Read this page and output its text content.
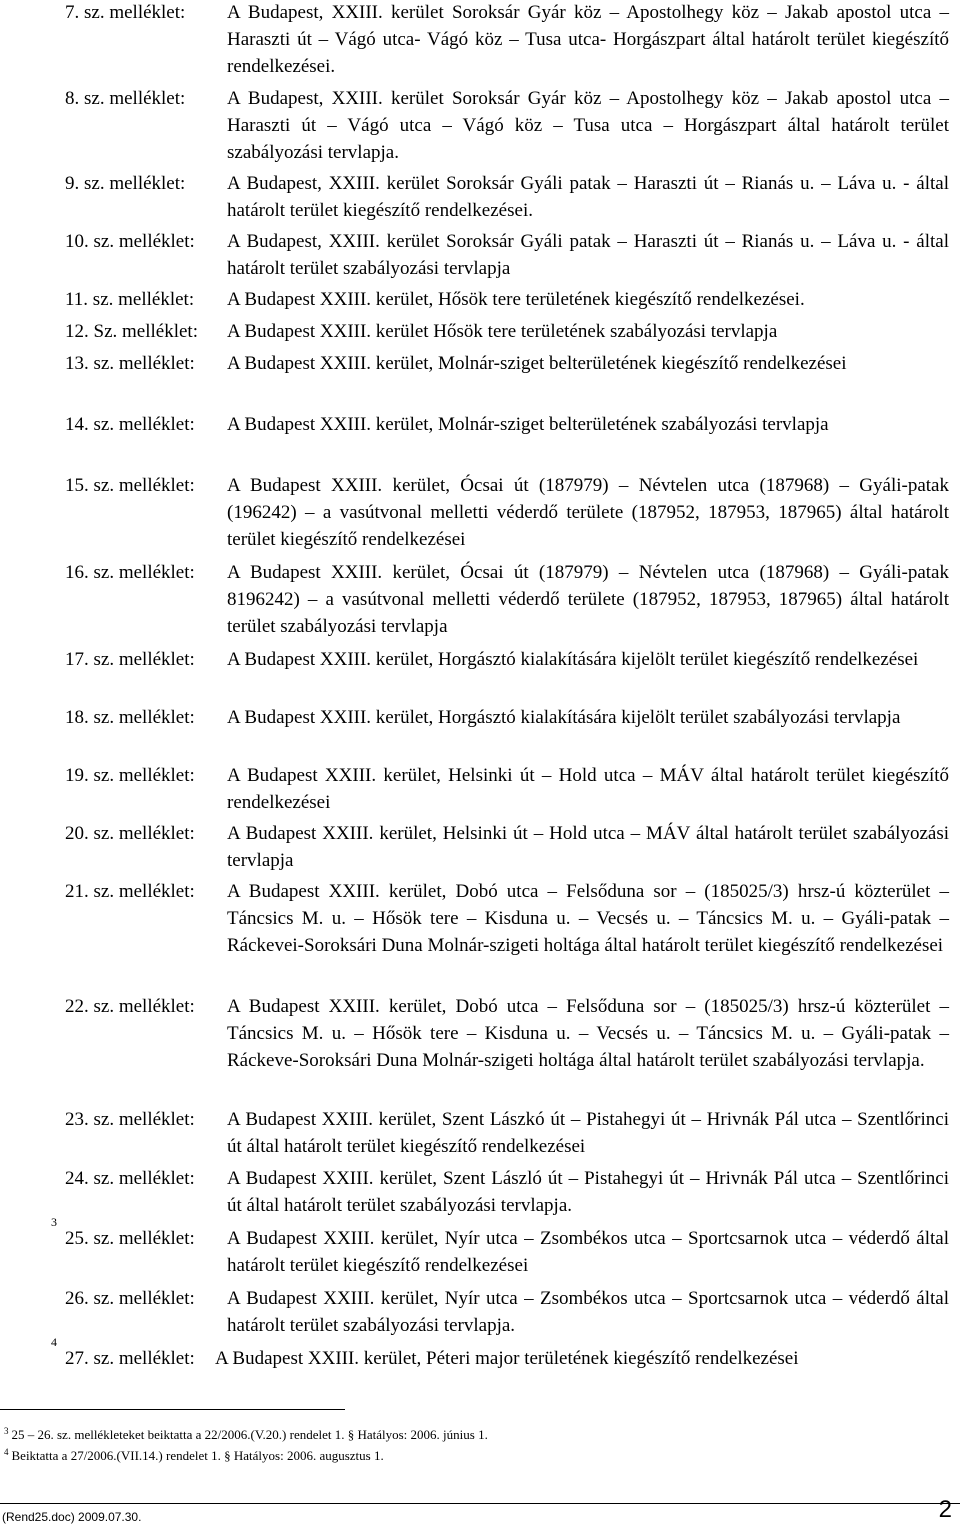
7. sz. melléklet: A Budapest, XXIII. kerület Soroksár Gyár köz – Apostolhegy köz – Jakab apostol utca – Haraszti út – Vágó utca- Vágó köz – Tusa utca- Horgászpart által határolt terület kiegészítő rendelkezései.
8. sz. melléklet: A Budapest, XXIII. kerület Soroksár Gyár köz – Apostolhegy köz – Jakab apostol utca – Haraszti út – Vágó utca – Vágó köz – Tusa utca – Horgászpart által határolt terület szabályozási tervlapja.
9. sz. melléklet: A Budapest, XXIII. kerület Soroksár Gyáli patak – Haraszti út – Rianás u. – Láva u. - által határolt terület kiegészítő rendelkezései.
10. sz. melléklet: A Budapest, XXIII. kerület Soroksár Gyáli patak – Haraszti út – Rianás u. – Láva u. - által határolt terület szabályozási tervlapja
11. sz. melléklet: A Budapest XXIII. kerület, Hősök tere területének kiegészítő rendelkezései.
12. Sz. melléklet: A Budapest XXIII. kerület Hősök tere területének szabályozási tervlapja
13. sz. melléklet: A Budapest XXIII. kerület, Molnár-sziget belterületének kiegészítő rendelkezései
14. sz. melléklet: A Budapest XXIII. kerület, Molnár-sziget belterületének szabályozási tervlapja
15. sz. melléklet: A Budapest XXIII. kerület, Ócsai út (187979) – Névtelen utca (187968) – Gyáli-patak (196242) – a vasútvonal melletti véderdő területe (187952, 187953, 187965) által határolt terület kiegészítő rendelkezései
16. sz. melléklet: A Budapest XXIII. kerület, Ócsai út (187979) – Névtelen utca (187968) – Gyáli-patak 8196242) – a vasútvonal melletti véderdő területe (187952, 187953, 187965) által határolt terület szabályozási tervlapja
17. sz. melléklet: A Budapest XXIII. kerület, Horgásztó kialakítására kijelölt terület kiegészítő rendelkezései
18. sz. melléklet: A Budapest XXIII. kerület, Horgásztó kialakítására kijelölt terület szabályozási tervlapja
19. sz. melléklet: A Budapest XXIII. kerület, Helsinki út – Hold utca – MÁV által határolt terület kiegészítő rendelkezései
20. sz. melléklet: A Budapest XXIII. kerület, Helsinki út – Hold utca – MÁV által határolt terület szabályozási tervlapja
21. sz. melléklet: A Budapest XXIII. kerület, Dobó utca – Felsőduna sor – (185025/3) hrsz-ú közterület – Táncsics M. u. – Hősök tere – Kisduna u. – Vecsés u. – Táncsics M. u. – Gyáli-patak – Ráckevei-Soroksári Duna Molnár-szigeti holtága által határolt terület kiegészítő rendelkezései
22. sz. melléklet: A Budapest XXIII. kerület, Dobó utca – Felsőduna sor – (185025/3) hrsz-ú közterület – Táncsics M. u. – Hősök tere – Kisduna u. – Vecsés u. – Táncsics M. u. – Gyáli-patak – Ráckeve-Soroksári Duna Molnár-szigeti holtága által határolt terület szabályozási tervlapja.
23. sz. melléklet: A Budapest XXIII. kerület, Szent Lászkó út – Pistahegyi út – Hrivnák Pál utca – Szentlőrinci út által határolt terület kiegészítő rendelkezései
24. sz. melléklet: A Budapest XXIII. kerület, Szent László út – Pistahegyi út – Hrivnák Pál utca – Szentlőrinci út által határolt terület szabályozási tervlapja.
3
25. sz. melléklet: A Budapest XXIII. kerület, Nyír utca – Zsombékos utca – Sportcsarnok utca – véderdő által határolt terület kiegészítő rendelkezései
26. sz. melléklet: A Budapest XXIII. kerület, Nyír utca – Zsombékos utca – Sportcsarnok utca – véderdő által határolt terület szabályozási tervlapja.
4
27. sz. melléklet: A Budapest XXIII. kerület, Péteri major területének kiegészítő rendelkezései
$^3$ 25 – 26. sz. mellékleteket beiktatta a 22/2006.(V.20.) rendelet 1. § Hatályos: 2006. június 1.
$^4$ Beiktatta a 27/2006.(VII.14.) rendelet 1. § Hatályos: 2006. augusztus 1.
(Rend25.doc) 2009.07.30.	2
